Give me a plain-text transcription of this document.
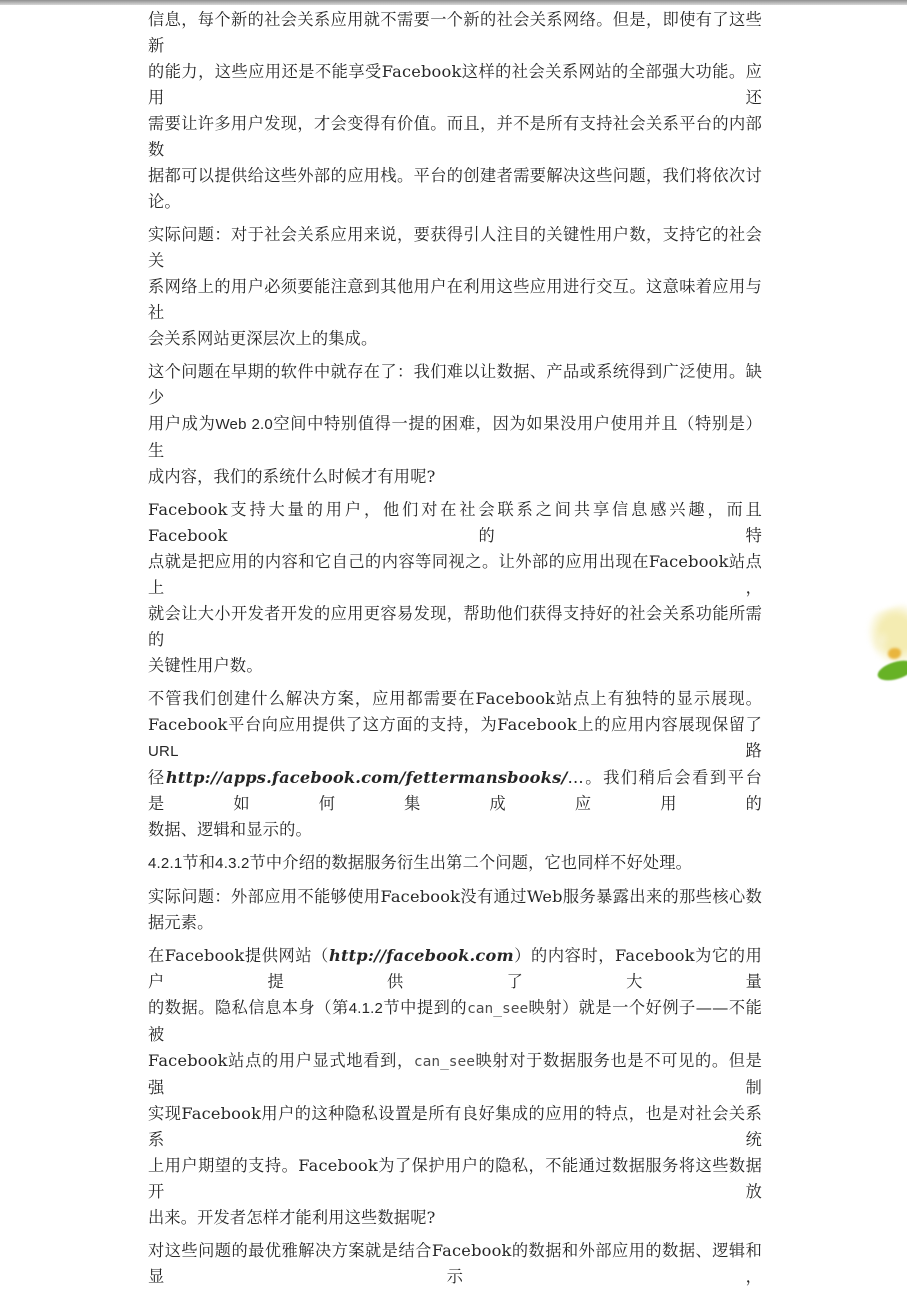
信息，每个新的社会关系应用就不需要一个新的社会关系网络。但是，即使有了这些新
的能力，这些应用还是不能享受Facebook这样的社会关系网站的全部强大功能。应用还
需要让许多用户发现，才会变得有价值。而且，并不是所有支持社会关系平台的内部数
据都可以提供给这些外部的应用栈。平台的创建者需要解决这些问题，我们将依次讨论。
实际问题：对于社会关系应用来说，要获得引人注目的关键性用户数，支持它的社会关
系网络上的用户必须要能注意到其他用户在利用这些应用进行交互。这意味着应用与社
会关系网站更深层次上的集成。
这个问题在早期的软件中就存在了：我们难以让数据、产品或系统得到广泛使用。缺少
用户成为Web 2.0空间中特别值得一提的困难，因为如果没用户使用并且（特别是）生
成内容，我们的系统什么时候才有用呢?
Facebook支持大量的用户，他们对在社会联系之间共享信息感兴趣，而且Facebook的特
点就是把应用的内容和它自己的内容等同视之。让外部的应用出现在Facebook站点上，
就会让大小开发者开发的应用更容易发现，帮助他们获得支持好的社会关系功能所需的
关键性用户数。
不管我们创建什么解决方案，应用都需要在Facebook站点上有独特的显示展现。
Facebook平台向应用提供了这方面的支持，为Facebook上的应用内容展现保留了URL路
径http://apps.facebook.com/fettermansbooks/…。我们稍后会看到平台是如何集成应用的
数据、逻辑和显示的。
4.2.1节和4.3.2节中介绍的数据服务衍生出第二个问题，它也同样不好处理。
实际问题：外部应用不能够使用Facebook没有通过Web服务暴露出来的那些核心数据元素。
在Facebook提供网站（http://facebook.com）的内容时，Facebook为它的用户提供了大量
的数据。隐私信息本身（第4.1.2节中提到的can_see映射）就是一个好例子——不能被
Facebook站点的用户显式地看到，can_see映射对于数据服务也是不可见的。但是强制
实现Facebook用户的这种隐私设置是所有良好集成的应用的特点，也是对社会关系系统
上用户期望的支持。Facebook为了保护用户的隐私，不能通过数据服务将这些数据开放
出来。开发者怎样才能利用这些数据呢?
对这些问题的最优雅解决方案就是结合Facebook的数据和外部应用的数据、逻辑和显示，
